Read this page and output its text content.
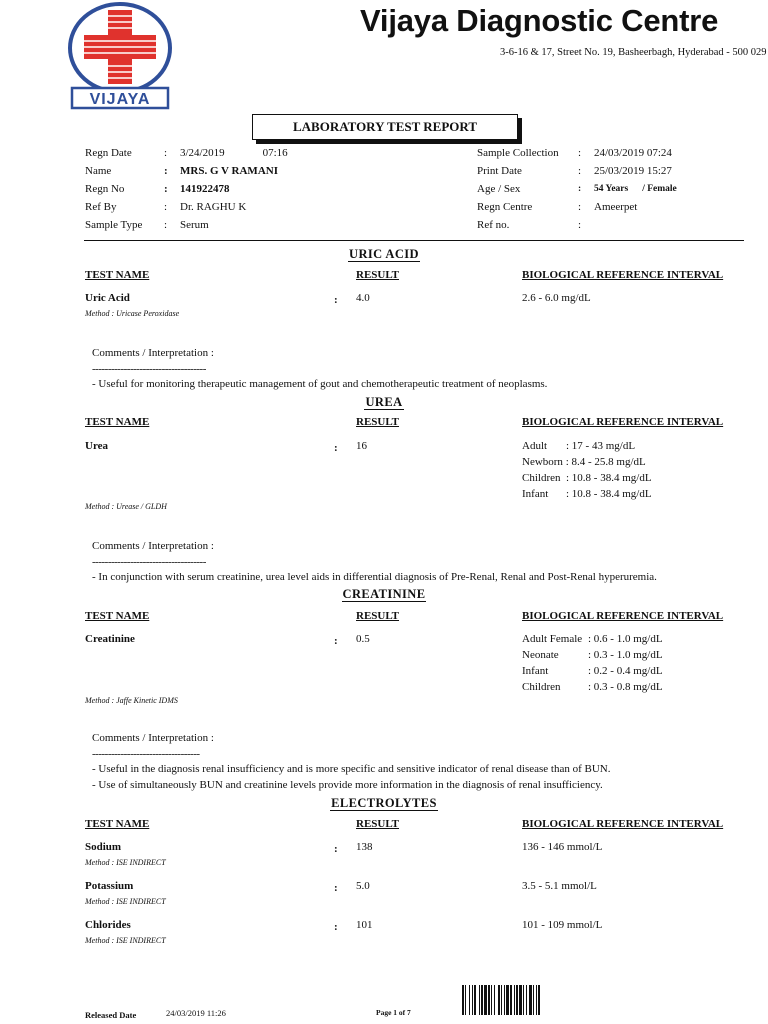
VIJAYA
Vijaya Diagnostic Centre
3-6-16 & 17, Street No. 19, Basheerbagh, Hyderabad - 500 029
LABORATORY TEST REPORT
Regn Date	: 3/24/2019	07:16
Name	: MRS. G V RAMANI
Regn No	: 141922478
Ref By	: Dr. RAGHU K
Sample Type : Serum
Sample Collection : 24/03/2019 07:24
Print Date	: 25/03/2019 15:27
Age / Sex	: 54 Years / Female
Regn Centre	: Ameerpet
Ref no.	:
URIC ACID
TEST NAME	RESULT	BIOLOGICAL REFERENCE INTERVAL
Uric Acid
Method : Uricase Peroxidase
: 4.0	2.6 - 6.0 mg/dL
Comments / Interpretation :
------------------------------------
- Useful for monitoring therapeutic management of gout and chemotherapeutic treatment of neoplasms.
UREA
TEST NAME	RESULT	BIOLOGICAL REFERENCE INTERVAL
Urea	: 16	Adult : 17 - 43 mg/dL
Newborn : 8.4 - 25.8 mg/dL
Children : 10.8 - 38.4 mg/dL
Infant : 10.8 - 38.4 mg/dL
Method : Urease / GLDH
Comments / Interpretation :
------------------------------------
- In conjunction with serum creatinine, urea level aids in differential diagnosis of Pre-Renal, Renal and Post-Renal hyperuremia.
CREATININE
TEST NAME	RESULT	BIOLOGICAL REFERENCE INTERVAL
Creatinine	: 0.5	Adult Female : 0.6 - 1.0 mg/dL
Neonate	: 0.3 - 1.0 mg/dL
Infant	: 0.2 - 0.4 mg/dL
Children	: 0.3 - 0.8 mg/dL
Method : Jaffe Kinetic IDMS
Comments / Interpretation :
----------------------------------
- Useful in the diagnosis renal insufficiency and is more specific and sensitive indicator of renal disease than of BUN.
- Use of simultaneously BUN and creatinine levels provide more information in the diagnosis of renal insufficiency.
ELECTROLYTES
TEST NAME	RESULT	BIOLOGICAL REFERENCE INTERVAL
Sodium
Method : ISE INDIRECT
: 138	136 - 146 mmol/L
Potassium
Method : ISE INDIRECT
: 5.0	3.5 - 5.1 mmol/L
Chlorides
Method : ISE INDIRECT
: 101	101 - 109 mmol/L
Released Date	24/03/2019 11:26	Page 1 of 7
